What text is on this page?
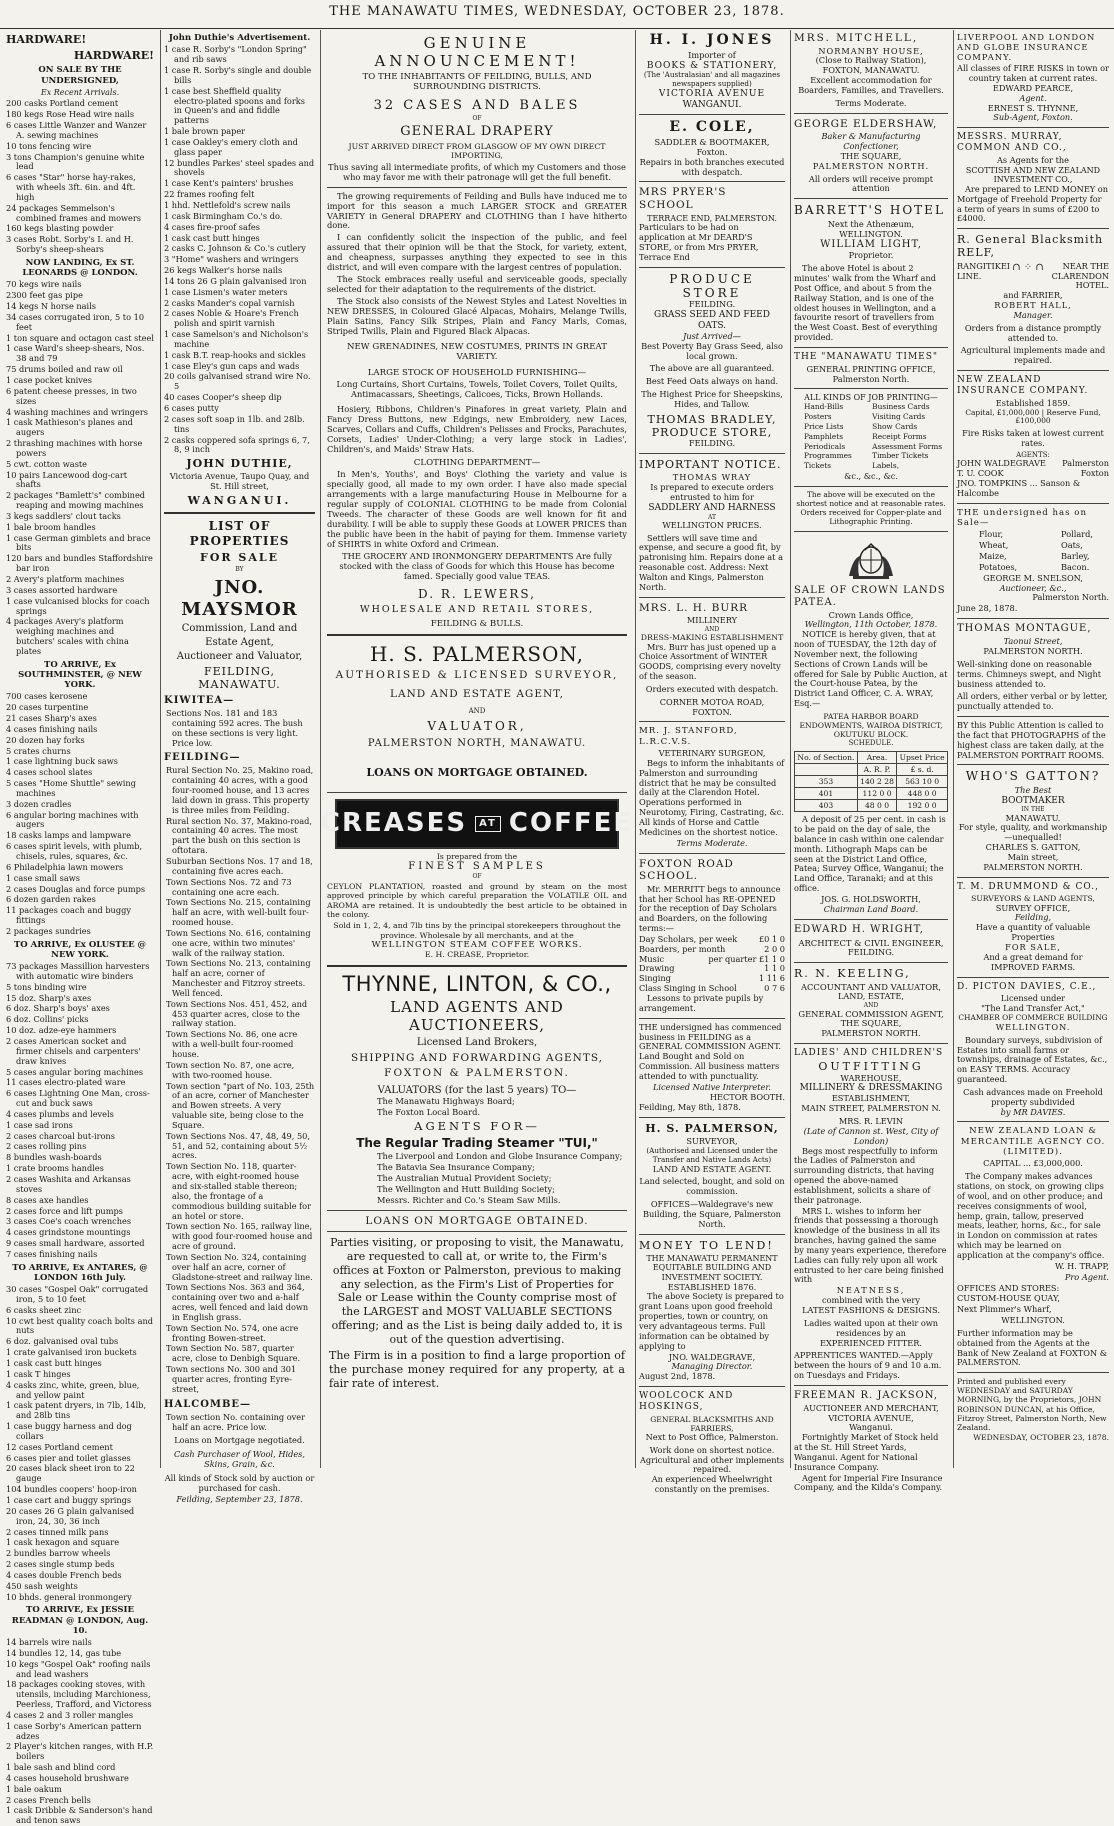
THE MANAWATU TIMES, WEDNESDAY, OCTOBER 23, 1878.
HARDWARE!
HARDWARE!
ON SALE BY THE UNDERSIGNED,
Ex Recent Arrivals.
200 casks Portland cement
180 kegs Rose Head wire nails
6 cases Little Wanzer and Wanzer A. sewing machines
10 tons fencing wire
3 tons Champion's genuine white lead
6 cases "Star" horse hay-rakes, with wheels 3ft. 6in. and 4ft. high
24 packages Semmelson's combined frames and mowers
160 kegs blasting powder
3 cases Robt. Sorby's I. and H. Sorby's sheep-shears
NOW LANDING, Ex ST. LEONARDS @ LONDON.
70 kegs wire nails
2300 feet gas pipe
14 kegs N horse nails
34 cases corrugated iron, 5 to 10 feet
1 ton square and octagon cast steel
1 case Ward's sheep-shears, Nos. 38 and 79
75 drums boiled and raw oil
1 case pocket knives
6 patent cheese presses, in two sizes
4 washing machines and wringers
1 cask Mathieson's planes and augers
2 thrashing machines with horse powers
5 cwt. cotton waste
10 pairs Lancewood dog-cart shafts
2 packages "Bamlett's" combined reaping and mowing machines
3 kegs saddlers' clout tacks
1 bale broom handles
1 case German gimblets and brace bits
120 bars and bundles Staffordshire bar iron
2 Avery's platform machines
3 cases assorted hardware
1 case vulcanised blocks for coach springs
4 packages Avery's platform weighing machines and butchers' scales with china plates
TO ARRIVE, Ex SOUTHMINSTER, @ NEW YORK.
700 cases kerosene
20 cases turpentine
21 cases Sharp's axes
4 cases finishing nails
20 dozen hay forks
5 crates churns
1 case lightning buck saws
4 cases school slates
5 cases "Home Shuttle" sewing machines
3 dozen cradles
6 angular boring machines with augers
18 casks lamps and lampware
6 cases spirit levels, with plumb, chisels, rules, squares, &c.
6 Philadelphia lawn mowers
1 case small saws
2 cases Douglas and force pumps
6 dozen garden rakes
11 packages coach and buggy fittings
2 packages sundries
TO ARRIVE, Ex OLUSTEE @ NEW YORK.
73 packages Massillion harvesters with automatic wire binders
5 tons binding wire
15 doz. Sharp's axes
6 doz. Sharp's boys' axes
6 doz. Collins' picks
10 doz. adze-eye hammers
2 cases American socket and firmer chisels and carpenters' draw knives
5 cases angular boring machines
11 cases electro-plated ware
6 cases Lightning One Man, cross-cut and buck saws
4 cases plumbs and levels
1 case sad irons
2 cases charcoal but-irons
2 cases rolling pins
8 bundles wash-boards
1 crate brooms handles
2 cases Washita and Arkansas stoves
8 cases axe handles
2 cases force and lift pumps
3 cases Coe's coach wrenches
4 cases grindstone mountings
9 cases small hardware, assorted
7 cases finishing nails
TO ARRIVE, Ex ANTARES, @ LONDON 16th July.
30 cases "Gospel Oak" corrugated iron, 5 to 10 feet
6 casks sheet zinc
10 cwt best quality coach bolts and nuts
6 doz. galvanised oval tubs
1 crate galvanised iron buckets
1 cask cast butt hinges
1 cask T hinges
4 casks zinc, white, green, blue, and yellow paint
1 cask patent dryers, in 7lb, 14lb, and 28lb tins
1 case buggy harness and dog collars
12 cases Portland cement
6 cases pier and toilet glasses
20 cases black sheet iron to 22 gauge
104 bundles coopers' hoop-iron
1 case cart and buggy springs
20 cases 26 G plain galvanised iron, 24, 30, 36 inch
2 cases tinned milk pans
1 cask hexagon and square
2 bundles barrow wheels
2 cases single stump beds
4 cases double French beds
450 sash weights
10 bhds. general ironmongery
TO ARRIVE, Ex JESSIE READMAN @ LONDON, Aug. 10.
14 barrels wire nails
14 bundles 12, 14, gas tube
10 kegs "Gospel Oak" roofing nails and lead washers
18 packages cooking stoves, with utensils, including Marchioness, Peerless, Trafford, and Victoress
4 cases 2 and 3 roller mangles
1 case Sorby's American pattern adzes
2 Player's kitchen ranges, with H.P. boilers
1 bale sash and blind cord
4 cases household brushware
1 bale oakum
2 cases French bells
1 cask Dribble & Sanderson's hand and tenon saws
John Duthie's Advertisement.
1 case R. Sorby's "London Spring" and rib saws
1 case R. Sorby's single and double bills
1 case best Sheffield quality electro-plated spoons and forks in Queen's and and fiddle patterns
1 bale brown paper
1 case Oakley's emery cloth and glass paper
12 bundles Parkes' steel spades and shovels
1 case Kent's painters' brushes
22 frames roofing felt
1 hhd. Nettlefold's screw nails
1 cask Birmingham Co.'s do.
4 cases fire-proof safes
1 cask cast butt hinges
2 casks C. Johnson & Co.'s cutlery
3 "Home" washers and wringers
26 kegs Walker's horse nails
14 tons 26 G plain galvanised iron
1 case Lismen's water meters
2 casks Mander's copal varnish
2 cases Noble & Hoare's French polish and spirit varnish
1 case Samelson's and Nicholson's machine
1 cask B.T. reap-hooks and sickles
1 case Eley's gun caps and wads
20 coils galvanised strand wire No. 5
40 cases Cooper's sheep dip
6 cases putty
2 cases soft soap in 1lb. and 28lb. tins
2 casks coppered sofa springs 6, 7, 8, 9 inch
JOHN DUTHIE,
Victoria Avenue, Taupo Quay, and St. Hill street,
WANGANUI.
LIST OF PROPERTIES
FOR SALE
BY
JNO. MAYSMOR
Commission, Land and
Estate Agent,
Auctioneer and Valuator,
FEILDING, MANAWATU.
KIWITEA—
Sections Nos. 181 and 183 containing 592 acres. The bush on these sections is very light. Price low.
FEILDING—
Rural Section No. 25, Makino road, containing 40 acres, with a good four-roomed house, and 13 acres laid down in grass. This property is three miles from Feilding.
Rural section No. 37, Makino-road, containing 40 acres. The most part the bush on this section is oftotara.
Suburban Sections Nos. 17 and 18, containing five acres each.
Town Sections Nos. 72 and 73 containing one acre each.
Town Sections No. 215, containing half an acre, with well-built four-roomed house.
Town Sections No. 616, containing one acre, within two minutes' walk of the railway station.
Town Sections No. 213, containing half an acre, corner of Manchester and Fitzroy streets. Well fenced.
Town Sections Nos. 451, 452, and 453 quarter acres, close to the railway station.
Town Sections No. 86, one acre with a well-built four-roomed house.
Town section No. 87, one acre, with two-roomed house.
Town section "part of No. 103, 25th of an acre, corner of Manchester and Bowen streets. A very valuable site, being close to the Square.
Town Sections Nos. 47, 48, 49, 50, 51, and 52, containing about 5½ acres.
Town Section No. 118, quarter-acre, with eight-roomed house and six-stalled stable thereon; also, the frontage of a commodious building suitable for an hotel or store.
Town section No. 165, railway line, with good four-roomed house and acre of ground.
Town Section No. 324, containing over half an acre, corner of Gladstone-street and railway line.
Town Sections Nos. 363 and 364, containing over two and a-half acres, well fenced and laid down in English grass.
Town Section No. 574, one acre fronting Bowen-street.
Town Section No. 587, quarter acre, close to Denbigh Square.
Town sections No. 300 and 301 quarter acres, fronting Eyre-street,
HALCOMBE—
Town section No. containing over half an acre. Price low.
Loans on Mortgage negotiated.
Cash Purchaser of Wool, Hides, Skins, Grain, &c.
All kinds of Stock sold by auction or purchased for cash.
Feilding, September 23, 1878.
GENUINE ANNOUNCEMENT!
TO THE INHABITANTS OF FEILDING, BULLS, AND SURROUNDING DISTRICTS.
32 CASES AND BALES
OF
GENERAL DRAPERY
JUST ARRIVED DIRECT FROM GLASGOW OF MY OWN DIRECT IMPORTING,
Thus saving all intermediate profits, of which my Customers and those who may favor me with their patronage will get the full benefit.
The growing requirements of Feilding and Bulls have induced me to import for this season a much LARGER STOCK and GREATER VARIETY in General DRAPERY and CLOTHING than I have hitherto done.
I can confidently solicit the inspection of the public, and feel assured that their opinion will be that the Stock, for variety, extent, and cheapness, surpasses anything they expected to see in this district, and will even compare with the largest centres of population.
The Stock embraces really useful and serviceable goods, specially selected for their adaptation to the requirements of the district.
The Stock also consists of the Newest Styles and Latest Novelties in NEW DRESSES, in Coloured Glacé Alpacas, Mohairs, Melange Twills, Plain Satins, Fancy Silk Stripes, Plain and Fancy Marls, Comas, Striped Twills, Plain and Figured Black Alpacas.
NEW GRENADINES, NEW COSTUMES, PRINTS IN GREAT VARIETY.
LARGE STOCK OF HOUSEHOLD FURNISHING—
Long Curtains, Short Curtains, Towels, Toilet Covers, Toilet Quilts, Antimacassars, Sheetings, Calicoes, Ticks, Brown Hollands.
Hosiery, Ribbons, Children's Pinafores in great variety, Plain and Fancy Dress Buttons, new Edgings, new Embroidery, new Laces, Scarves, Collars and Cuffs, Children's Pelisses and Frocks, Parachutes, Corsets, Ladies' Under-Clothing; a very large stock in Ladies', Children's, and Maids' Straw Hats.
CLOTHING DEPARTMENT—
In Men's, Youths', and Boys' Clothing the variety and value is specially good, all made to my own order. I have also made special arrangements with a large manufacturing House in Melbourne for a regular supply of COLONIAL CLOTHING to be made from Colonial Tweeds. The character of these Goods are well known for fit and durability. I will be able to supply these Goods at LOWER PRICES than the public have been in the habit of paying for them. Immense variety of SHIRTS in white Oxford and Crimean.
THE GROCERY AND IRONMONGERY DEPARTMENTS Are fully stocked with the class of Goods for which this House has become famed. Specially good value TEAS.
D. R. LEWERS,
WHOLESALE AND RETAIL STORES,
FEILDING & BULLS.
H. S. PALMERSON,
AUTHORISED & LICENSED SURVEYOR,
LAND AND ESTATE AGENT,
AND
VALUATOR,
PALMERSTON NORTH, MANAWATU.
LOANS ON MORTGAGE OBTAINED.
CREASES	AT COFFEE
Is prepared from the
FINEST SAMPLES
OF
CEYLON PLANTATION, roasted and ground by steam on the most approved principle by which careful preparation the VOLATILE OIL and AROMA are retained. It is undoubtedly the best article to be obtained in the colony.
Sold in 1, 2, 4, and 7lb tins by the principal storekeepers throughout the province. Wholesale by all merchants, and at the
WELLINGTON STEAM COFFEE WORKS.
E. H. CREASE, Proprietor.
THYNNE, LINTON, & CO.,
LAND AGENTS AND AUCTIONEERS,
Licensed Land Brokers,
SHIPPING AND FORWARDING AGENTS,
FOXTON & PALMERSTON.
VALUATORS (for the last 5 years) TO—
The Manawatu Highways Board;
The Foxton Local Board.
AGENTS FOR—
The Regular Trading Steamer "TUI,"
The Liverpool and London and Globe Insurance Company;
The Batavia Sea Insurance Company;
The Australian Mutual Provident Society;
The Wellington and Hutt Building Society;
Messrs. Richter and Co.'s Steam Saw Mills.
LOANS ON MORTGAGE OBTAINED.
Parties visiting, or proposing to visit, the Manawatu, are requested to call at, or write to, the Firm's offices at Foxton or Palmerston, previous to making any selection, as the Firm's List of Properties for Sale or Lease within the County comprise most of the LARGEST and MOST VALUABLE SECTIONS offering; and as the List is being daily added to, it is out of the question advertising.
The Firm is in a position to find a large proportion of the purchase money required for any property, at a fair rate of interest.
H. I. JONES
Importer of
BOOKS & STATIONERY,
(The 'Australasian' and all magazines newspapers supplied)
VICTORIA AVENUE
WANGANUI.
E. COLE,
SADDLER & BOOTMAKER,
Foxton.
Repairs in both branches executed with despatch.
MRS PRYER'S SCHOOL
TERRACE END, PALMERSTON.
Particulars to be had on application at Mr DEARD'S STORE, or from Mrs PRYER, Terrace End
PRODUCE STORE
FEILDING.
GRASS SEED AND FEED OATS.
Just Arrived—
Best Poverty Bay Grass Seed, also local grown.
The above are all guaranteed.
Best Feed Oats always on hand.
The Highest Price for Sheepskins, Hides, and Tallow.
THOMAS BRADLEY,
PRODUCE STORE,
FEILDING.
IMPORTANT NOTICE.
THOMAS WRAY
Is prepared to execute orders entrusted to him for
SADDLERY AND HARNESS
AT
WELLINGTON PRICES.
Settlers will save time and expense, and secure a good fit, by patronising him. Repairs done at a reasonable cost. Address: Next Walton and Kings, Palmerston North.
MRS. L. H. BURR
MILLINERY
AND
DRESS-MAKING ESTABLISHMENT
Mrs. Burr has just opened up a Choice Assortment of WINTER GOODS, comprising every novelty of the season.
Orders executed with despatch.
CORNER MOTOA ROAD, FOXTON.
MR. J. STANFORD, L.R.C.V.S.
VETERINARY SURGEON,
Begs to inform the inhabitants of Palmerston and surrounding district that he may be consulted daily at the Clarendon Hotel. Operations performed in Neurotomy, Firing, Castrating, &c. All kinds of Horse and Cattle Medicines on the shortest notice.
Terms Moderate.
FOXTON ROAD SCHOOL.
Mr. MERRITT begs to announce that her School has RE-OPENED for the reception of Day Scholars and Boarders, on the following terms:—
Day Scholars, per week	£0 1 0
Boarders, per month	2 0 0
Music	per quarter £1 1 0
Drawing	1 1 0
Singing	1 11 6
Class Singing in School	0 7 6
Lessons to private pupils by arrangement.
THE undersigned has commenced business in FEILDING as a GENERAL COMMISSION AGENT. Land Bought and Sold on Commission. All business matters attended to with punctuality.
Licensed Native Interpreter.
HECTOR BOOTH.
Feilding, May 8th, 1878.
H. S. PALMERSON,
SURVEYOR,
(Authorised and Licensed under the Transfer and Native Lands Acts)
LAND AND ESTATE AGENT.
Land selected, bought, and sold on commission.
OFFICES—Waldegrave's new Building, the Square, Palmerston North.
MONEY TO LEND!
THE MANAWATU PERMANENT EQUITABLE BUILDING AND INVESTMENT SOCIETY.
ESTABLISHED 1876.
The above Society is prepared to grant Loans upon good freehold properties, town or country, on very advantageous terms. Full information can be obtained by applying to
JNO. WALDEGRAVE,
Managing Director.
August 2nd, 1878.
WOOLCOCK AND HOSKINGS,
GENERAL BLACKSMITHS AND FARRIERS,
Next to Post Office, Palmerston.
Work done on shortest notice. Agricultural and other implements repaired.
An experienced Wheelwright constantly on the premises.
MRS. MITCHELL,
NORMANBY HOUSE,
(Close to Railway Station),
FOXTON, MANAWATU.
Excellent accommodation for Boarders, Families, and Travellers.
Terms Moderate.
GEORGE ELDERSHAW,
Baker & Manufacturing Confectioner,
THE SQUARE,
PALMERSTON NORTH.
All orders will receive prompt attention
BARRETT'S HOTEL
Next the Athenæum,
WELLINGTON.
WILLIAM LIGHT,
Proprietor.
The above Hotel is about 2 minutes' walk from the Wharf and Post Office, and about 5 from the Railway Station, and is one of the oldest houses in Wellington, and a favourite resort of travellers from the West Coast. Best of everything provided.
THE "MANAWATU TIMES"
GENERAL PRINTING OFFICE,
Palmerston North.
ALL KINDS OF JOB PRINTING—
Hand-Bills
Posters
Price Lists
Pamphlets
Periodicals
Programmes
Tickets
Business Cards
Visiting Cards
Show Cards
Receipt Forms
Assessment Forms
Timber Tickets
Labels,
&c., &c., &c.
The above will be executed on the shortest notice and at reasonable rates. Orders received for Copper-plate and Lithographic Printing.
SALE OF CROWN LANDS PATEA.
Crown Lands Office,
Wellington, 11th October, 1878.
NOTICE is hereby given, that at noon of TUESDAY, the 12th day of November next, the following Sections of Crown Lands will be offered for Sale by Public Auction, at the Court-house Patea, by the District Land Officer, C. A. WRAY, Esq.—
PATEA HARBOR BOARD ENDOWMENTS, WAIROA DISTRICT, OKUTUKU BLOCK.
SCHEDULE.
No. of Section.	Area.	Upset Price
	A. R. P.	£ s. d.
353	140 2 28	563 10 0
401	112 0 0	448 0 0
403	48 0 0	192 0 0
A deposit of 25 per cent. in cash is to be paid on the day of sale, the balance in cash within one calendar month. Lithograph Maps can be seen at the District Land Office, Patea; Survey Office, Wanganui; the Land Office, Taranaki; and at this office.
JOS. G. HOLDSWORTH,
Chairman Land Board.
EDWARD H. WRIGHT,
ARCHITECT & CIVIL ENGINEER,
FEILDING.
R. N. KEELING,
ACCOUNTANT AND VALUATOR,
LAND, ESTATE,
AND
GENERAL COMMISSION AGENT,
THE SQUARE,
PALMERSTON NORTH.
LADIES' AND CHILDREN'S
OUTFITTING
WAREHOUSE,
MILLINERY & DRESSMAKING
ESTABLISHMENT,
MAIN STREET, PALMERSTON N.
MRS. R. LEVIN
(Late of Cannon st. West, City of London)
Begs most respectfully to inform the Ladies of Palmerston and surrounding districts, that having opened the above-named establishment, solicits a share of their patronage.
MRS L. wishes to inform her friends that possessing a thorough knowledge of the business in all its branches, having gained the same by many years experience, therefore Ladies can fully rely upon all work entrusted to her care being finished with
NEATNESS,
combined with the very
LATEST FASHIONS & DESIGNS.
Ladies waited upon at their own residences by an
EXPERIENCED FITTER.
APPRENTICES WANTED.—Apply between the hours of 9 and 10 a.m. on Tuesdays and Fridays.
FREEMAN R. JACKSON,
AUCTIONEER AND MERCHANT,
VICTORIA AVENUE,
Wanganui.
Fortnightly Market of Stock held at the St. Hill Street Yards, Wanganui. Agent for National Insurance Company.
Agent for Imperial Fire Insurance Company, and the Kilda's Company.
LIVERPOOL AND LONDON AND GLOBE INSURANCE COMPANY.
All classes of FIRE RISKS in town or country taken at current rates.
EDWARD PEARCE,
Agent.
ERNEST S. THYNNE,
Sub-Agent, Foxton.
MESSRS. MURRAY, COMMON AND CO.,
As Agents for the
SCOTTISH AND NEW ZEALAND
INVESTMENT CO.,
Are prepared to LEND MONEY on Mortgage of Freehold Property for a term of years in sums of £200 to £4000.
R. General Blacksmith RELF,
RANGITIKEI LINE.
∩ ⁘ ∩	NEAR THE CLARENDON HOTEL.
and FARRIER,
ROBERT HALL,
Manager.
Orders from a distance promptly attended to.
Agricultural implements made and repaired.
NEW ZEALAND INSURANCE COMPANY.
Established 1859.
Capital, £1,000,000 | Reserve Fund, £100,000
Fire Risks taken at lowest current rates.
AGENTS:
JOHN WALDEGRAVE Palmerston
T. U. COOK	Foxton
JNO. TOMPKINS ... Sanson & Halcombe
THE undersigned has on Sale—
Flour,
Wheat,
Maize,
Potatoes,
Pollard,
Oats,
Barley,
Bacon.
GEORGE M. SNELSON,
Auctioneer, &c.,
Palmerston North.
June 28, 1878.
THOMAS MONTAGUE,
Taonui Street,
PALMERSTON NORTH.
Well-sinking done on reasonable terms. Chimneys swept, and Night business attended to.
All orders, either verbal or by letter, punctually attended to.
BY this Public Attention is called to the fact that PHOTOGRAPHS of the highest class are taken daily, at the PALMERSTON PORTRAIT ROOMS.
WHO'S GATTON?
The Best
BOOTMAKER
IN THE
MANAWATU.
For style, quality, and workmanship—unequalled!
CHARLES S. GATTON,
Main street,
PALMERSTON NORTH.
T. M. DRUMMOND & CO.,
SURVEYORS & LAND AGENTS,
SURVEY OFFICE,
Feilding,
Have a quantity of valuable Properties
FOR SALE,
And a great demand for
IMPROVED FARMS.
D. PICTON DAVIES, C.E.,
Licensed under
"The Land Transfer Act,"
CHAMBER OF COMMERCE BUILDING
WELLINGTON.
Boundary surveys, subdivision of Estates into small farms or townships, drainage of Estates, &c., on EASY TERMS. Accuracy guaranteed.
Cash advances made on Freehold property subdivided
by MR DAVIES.
NEW ZEALAND LOAN & MERCANTILE AGENCY CO. (LIMITED).
CAPITAL ... £3,000,000.
The Company makes advances stations, on stock, on growing clips of wool, and on other produce; and receives consignments of wool, hemp, grain, tallow, preserved meats, leather, horns, &c., for sale in London on commission at rates which may be learned on application at the company's office.
W. H. TRAPP,
Pro Agent.
OFFICES AND STORES:
CUSTOM-HOUSE QUAY,
Next Plimmer's Wharf,
WELLINGTON.
Further information may be obtained from the Agents at the Bank of New Zealand at FOXTON & PALMERSTON.
Printed and published every WEDNESDAY and SATURDAY MORNING, by the Proprietors, JOHN ROBINSON DUNCAN, at his Office, Fitzroy Street, Palmerston North, New Zealand.
WEDNESDAY, OCTOBER 23, 1878.
